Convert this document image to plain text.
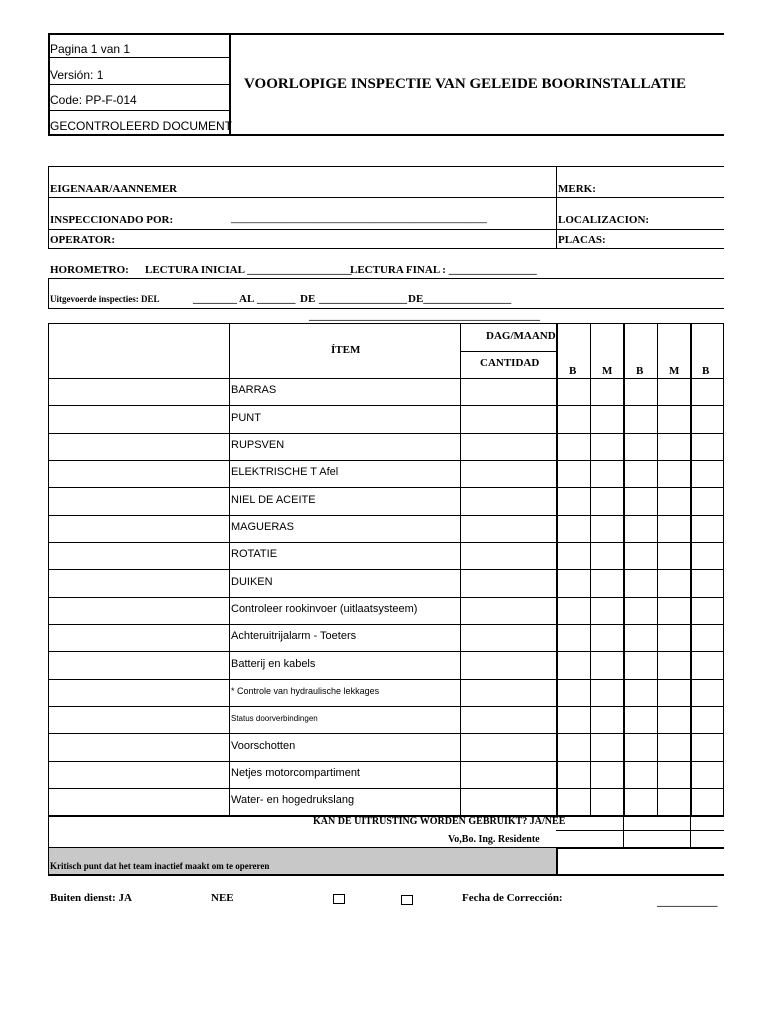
Pagina 1 van 1
Versión: 1
Code: PP-F-014
GECONTROLEERD DOCUMENT
VOORLOPIGE INSPECTIE VAN GELEIDE BOORINSTALLATIE
EIGENAAR/AANNEMER	MERK:
INSPECCIONADO POR:	______________________________________________	LOCALIZACION:
OPERATOR:	PLACAS:
HOROMETRO: LECTURA INICIAL ___________________
LECTURA FINAL : ________________
Uitgevoerde inspecties: DEL	________ AL _______ DE ________________ DE________________
__________________________________________
ÍTEM
DAG/MAAND
CANTIDAD
B M B M B
BARRAS
PUNT
RUPSVEN
ELEKTRISCHE T Afel
NIEL DE ACEITE
MAGUERAS
ROTATIE
DUIKEN
Controleer rookinvoer (uitlaatsysteem)
Achteruitrijalarm - Toeters
Batterij en kabels
* Controle van hydraulische lekkages
Status doorverbindingen
Voorschotten
Netjes motorcompartiment
Water- en hogedrukslang
KAN DE UITRUSTING WORDEN GEBRUIKT? JA/NEE
Vo,Bo. Ing. Residente
Kritisch punt dat het team inactief maakt om te opereren
Buiten dienst: JA	NEE	Fecha de Corrección:	___________
